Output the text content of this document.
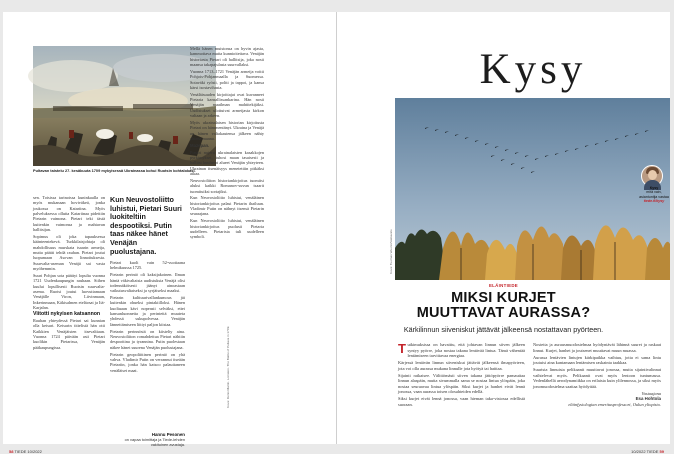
Pultavan taistelu 27. kesäkuuta 1709 mykyisessä Ukrainassa kohui Ruotsin kohtalokasi.
Kuva: Denis Martin. Lomaton. The Battle of Poltava in 1709.

sen. Toisissa tarinoissa kuninkaalla on myös mukanaan hoviväkeä, jonka joukossa on Katariina. Myös palveluksessa ollutta Katariinaa pidettiin Pietarin vaimona. Pietari teki tästä kuitenkin vaimonsa ja mahtavan hallitsijan.

Sopimus oli joka tapauksessa käänteentekevä. Turkkilaisjohtaja oli mahdollisuus murskata tsaarin armeija, mutta päätti tehdä rauhan. Pietari joutui luopumaan Asovan linnoituksesta. Suurvalta-aseman Venäjä sai vasta myöhemmin.

Suuri Pohjan sota päättyi lopulta vuonna 1721 Uudenkaupungin rauhaan. Siihen kuului lopullisesti Ruotsin suurvalta-asema. Ruotsi joutui luovuttamaan Venäjälle Viron, Liivinmaan, Inkerinmaan, Käkisalmen eteläosat ja Itä-Karjalan.

Viitotti nykyisen katsannon

Rauhan yhteydessä Pietari sai kunnian olla keisari. Keisarin tittelistä hän otti Kaikkien Venäjäisten itsevaltiaan. Vuonna 1724 päivään asti Pietari kuolikin Pietarissa, Venäjän pääkaupungissa.

Kun Neuvostoliitto luhistui, Pietari Suuri luokiteltiin despootiksi. Putin taas näkee hänet Venäjän puolustajana.

Pietari kuoli vain 52-vuotiaana helmikuussa 1725.

Pietarin perintö oli kaksijakoinen. Ilman häntä väkivaltaisia uudistuksia Venäjä olisi todennäköisesti jäänyt ainoastaan vaikutusvaltaiseksi ja syrjäiseksi maaksi.

Pietarin kulttuurivallankumous jäi kuitenkin ohueksi pintakiilloksi. Hänen kuoltuaan kävi nopeasti selväksi, ettei kansanluonnetta ja perinteitä muuteta yhdessä sukupolvessa. Venäjän lännettämiseen liittyi paljon kiistaa.

Pietarin perinnöstä on kiistelty aina. Neuvostoliiton romahdettua Pietari nähtiin despoottina ja tyrannina. Putin puolestaan näkee hänet suurena Venäjän puolustajana.

Pietarin geopoliittinen perintö on yhä vahva. Vladimir Putin on verrannut itseään Pietariin, jonka hän katsoo palauttaneen venäläiset maat.

Hannu Pesonen
on vapaa toimittaja ja Tiede-lehden vakituinen avustaja.

Mellä hänen muistonsa on hyvin ajasta, kammottava mutta kunnioitettava. Venäjän historiasta Pietari oli hallitsija, joka nosti maansa takapajulasta suurvallaksi.

Vuonna 1713–1721 Venäjän armeija voitti Pohjois-Pohjanmaalla ja Suomessa. Sotaväki ryösti, poltti ja tappoi, ja kansa kärsi isostavihasta.

Venäläisuuden kirjoittajat ovat kuvanneet Pietaria kansallissankarina. Hän nosti Venäjän maailman mahtitekijäksi. Uudistukset ulottuivat armeijasta kirkon valtaan ja arkeen.

Myös ukrainalaisen historian kirjoitusta Pietari on hämmentänyt. Ukraina ja Venäjä on hänen valtakautensa jälkeen nähty yhtenä maana.

Mazepan.

Pietari nujersi ukrainalaisten kasakkojen pyrkimykset, tuhosi maan tasaisesti ja hallitsi kuuluvat alueet Venäjän yhteyteen. Ukrainan itsenäisyys menetettiin pitkäksi aikaa.

Neuvostoliiton historiankirjoitus tuomitsi aluksi kaikki Romanov-suvun tsaarit tuomituiksi sortajiksi.

Kun Neuvostoliitto luhistui, venäläinen historiankirjoitus palasi Pietarin ihailuun. Vladimir Putin on nähnyt itsensä Pietarin seuraajana.

Kun Neuvostoliitto luhistui, venäläinen historiankirjoitus puolusti Pietaria uudelleen. Pietarista tuli uudelleen symboli.

58 TIEDE 10/2022
Kysy
Kuva: Tuomas Wuorio/Vastavalo
Kysy
mitä vain, asiantuntija vastaa
tiede.fi/kysy
ELÄINTIEDE
MIKSI KURJET
MUUTTAVAT AURASSA?
Kärkilinnun siiveniskut jättävät jälkeensä nostattavan pyörteen.

Tutkimuksissa on havaittu, että johtavan linnun siiven jälkeen syntyy pyörre, joka nostaa takana lentävää lintua. Tämä vähentää lentämiseen tarvittavaa energiaa.

Kärjessä lentävän linnun siiveniskut jättävät jälkeensä ilmapyörteen, jota voi olla aurassa mukana linnulle jota hyötyä tai haittaa.

Sijainti ratkaisee. Välittömästi siiven takana jättöpyörre pamauttaa linnun alaspäin, mutta sivummalla sama se nostaa lintua ylöspäin, joka nostaa seuraavaa lintua ylöspäin. Siksi kurjet ja hanhet eivät lennä jonossa, vaan aurassa toisen olosuhteiden edellä.

Siksi kurjet eivät lennä jonossa, vaan hieman taka-vistossa edellistä suoraan.

Nostetta ja aurausmuodostelmaa hyödyntävät lähinnä suuret ja raskaat linnut. Kurjet, hanhet ja joutsenet muuttavat muun muassa.

Aurassa lentävien lintujen kärkipaikka vaihtuu, jotta ei sama lintu joutuisi aina kantamaan lentämisen raskainta taakkaa.

Suurista linnuista pelikaanit muuttavat jonossa, mutta sijaintivalinnat vaihtelevat myös. Pelikaanit ovat myös lentoon tuntumassa. Vedenlähellä aerodynamiikka on erilaista kuin ylilennossa, ja siksi myös jonomuodostelma saattaa hyödyttää.

Vastaajana
Esa Hohtola
eläinfysiologian emeritusprofessori, Oulun yliopisto.
10/2022 TIEDE 59
